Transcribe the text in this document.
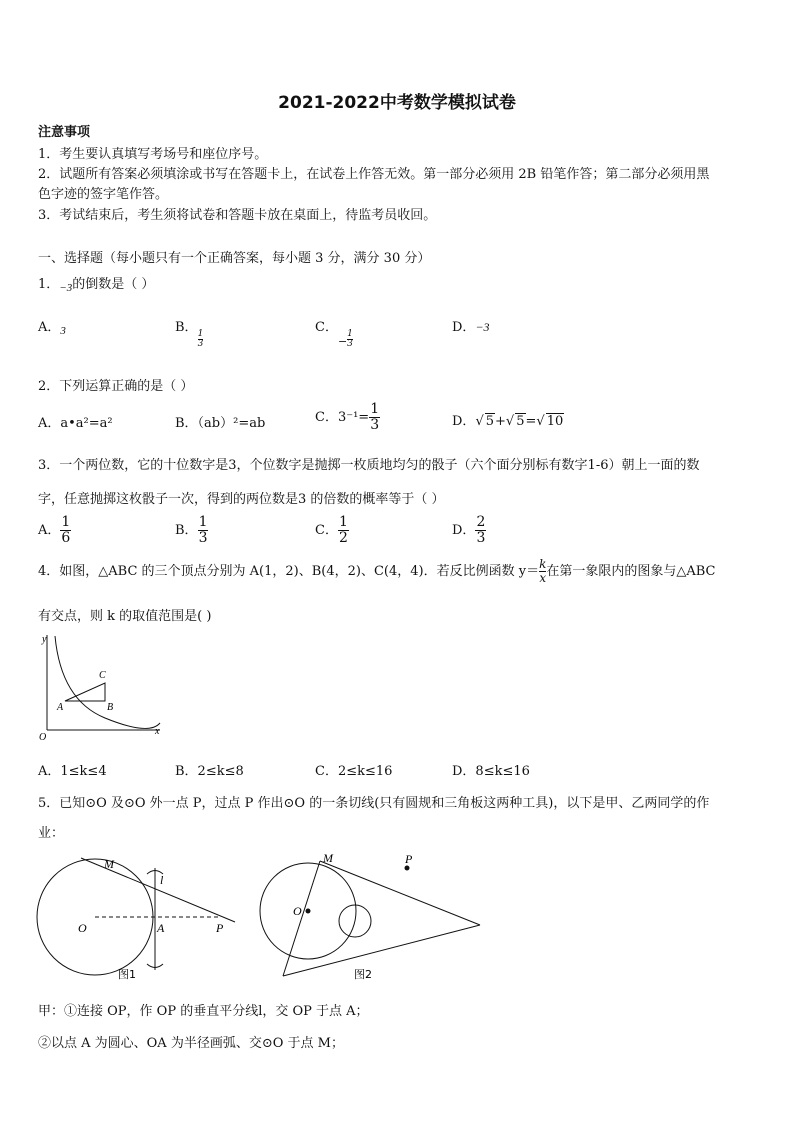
2021-2022中考数学模拟试卷
注意事项
1．考生要认真填写考场号和座位序号。
2．试题所有答案必须填涂或书写在答题卡上，在试卷上作答无效。第一部分必须用 2B 铅笔作答；第二部分必须用黑
色字迹的签字笔作答。
3．考试结束后，考生须将试卷和答题卡放在桌面上，待监考员收回。
一、选择题（每小题只有一个正确答案，每小题 3 分，满分 30 分）
1．$_{-3}$的倒数是（ ）
A．$_3$	B．
$\frac{1}{3}$
C．$_- \frac{1}{3}$
D．−3
2．下列运算正确的是（ ）
A．a•a²=a²	B．（ab）²=ab	C．$3^{-1}= \frac{1}{3}$	D．√ 5+√ 5=√ 10
3．一个两位数，它的十位数字是3，个位数字是抛掷一枚质地均匀的骰子（六个面分别标有数字1-6）朝上一面的数
字，任意抛掷这枚骰子一次，得到的两位数是3 的倍数的概率等于（ ）
A． $\frac{1}{6}$	B． $\frac{1}{3}$	C． $\frac{1}{2}$	D． $\frac{2}{3}$
4．如图，△ABC 的三个顶点分别为 A(1，2)、B(4，2)、C(4，4)．若反比例函数 $y= \frac{k}{x}$ 在第一象限内的图象与△ABC
有交点，则 k 的取值范围是( )
y
x
O
A	B
C
A．1≤k≤4	B．2≤k≤8	C．2≤k≤16	D．8≤k≤16
5．已知⊙O 及⊙O 外一点 P，过点 P 作出⊙O 的一条切线(只有圆规和三角板这两种工具)，以下是甲、乙两同学的作
业：
M
l
O	A	P
图1
M	P
O
图2
甲：①连接 OP，作 OP 的垂直平分线l，交 OP 于点 A；
②以点 A 为圆心、OA 为半径画弧、交⊙O 于点 M；
